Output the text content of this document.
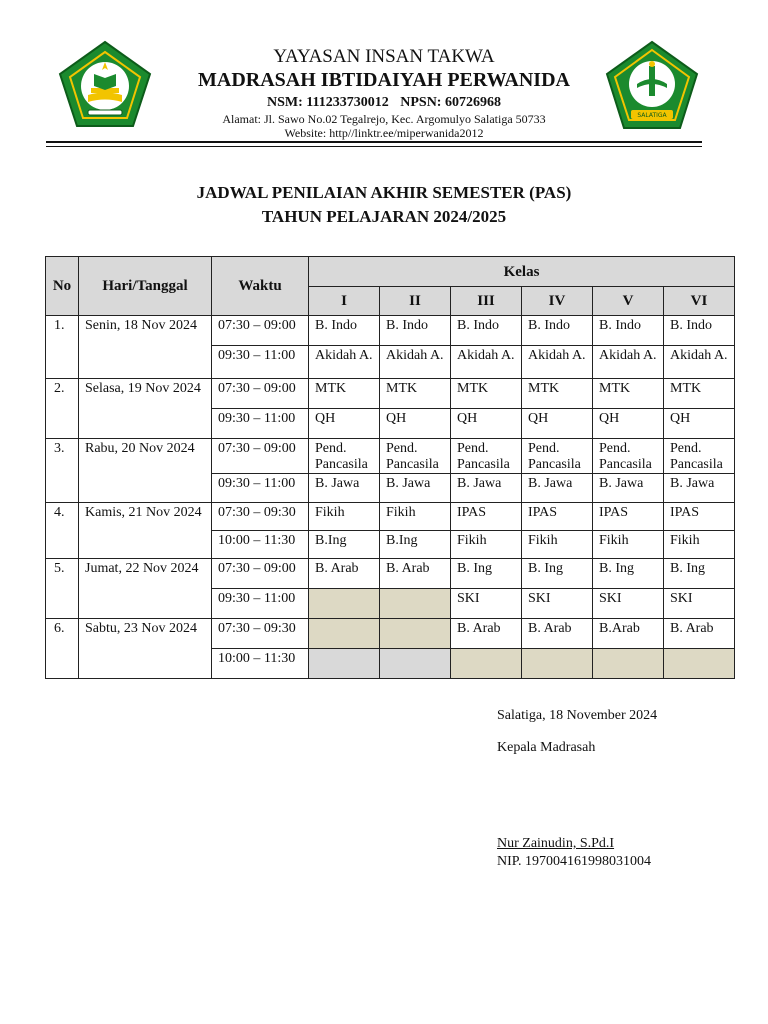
YAYASAN INSAN TAKWA
MADRASAH IBTIDAIYAH PERWANIDA
NSM: 111233730012 NPSN: 60726968
Alamat: Jl. Sawo No.02 Tegalrejo, Kec. Argomulyo Salatiga 50733
Website: http//linktr.ee/miperwanida2012
SALATIGA
JADWAL PENILAIAN AKHIR SEMESTER (PAS)
TAHUN PELAJARAN 2024/2025
No	Hari/Tanggal	Waktu	Kelas					
			I	II	III	IV	V	VI
1.	Senin, 18 Nov 2024	07:30 – 09:00	B. Indo	B. Indo	B. Indo	B. Indo	B. Indo	B. Indo
		09:30 – 11:00	Akidah A.	Akidah A.	Akidah A.	Akidah A.	Akidah A.	Akidah A.
2.	Selasa, 19 Nov 2024	07:30 – 09:00	MTK	MTK	MTK	MTK	MTK	MTK
		09:30 – 11:00	QH	QH	QH	QH	QH	QH
3.	Rabu, 20 Nov 2024	07:30 – 09:00	Pend. Pancasila	Pend. Pancasila	Pend. Pancasila	Pend. Pancasila	Pend. Pancasila	Pend. Pancasila
		09:30 – 11:00	B. Jawa	B. Jawa	B. Jawa	B. Jawa	B. Jawa	B. Jawa
4.	Kamis, 21 Nov 2024	07:30 – 09:30	Fikih	Fikih	IPAS	IPAS	IPAS	IPAS
		10:00 – 11:30	B.Ing	B.Ing	Fikih	Fikih	Fikih	Fikih
5.	Jumat, 22 Nov 2024	07:30 – 09:00	B. Arab	B. Arab	B. Ing	B. Ing	B. Ing	B. Ing
		09:30 – 11:00			SKI	SKI	SKI	SKI
6.	Sabtu, 23 Nov 2024	07:30 – 09:30			B. Arab	B. Arab	B.Arab	B. Arab
		10:00 – 11:30						
Salatiga, 18 November 2024
Kepala Madrasah
Nur Zainudin, S.Pd.I
NIP. 197004161998031004
